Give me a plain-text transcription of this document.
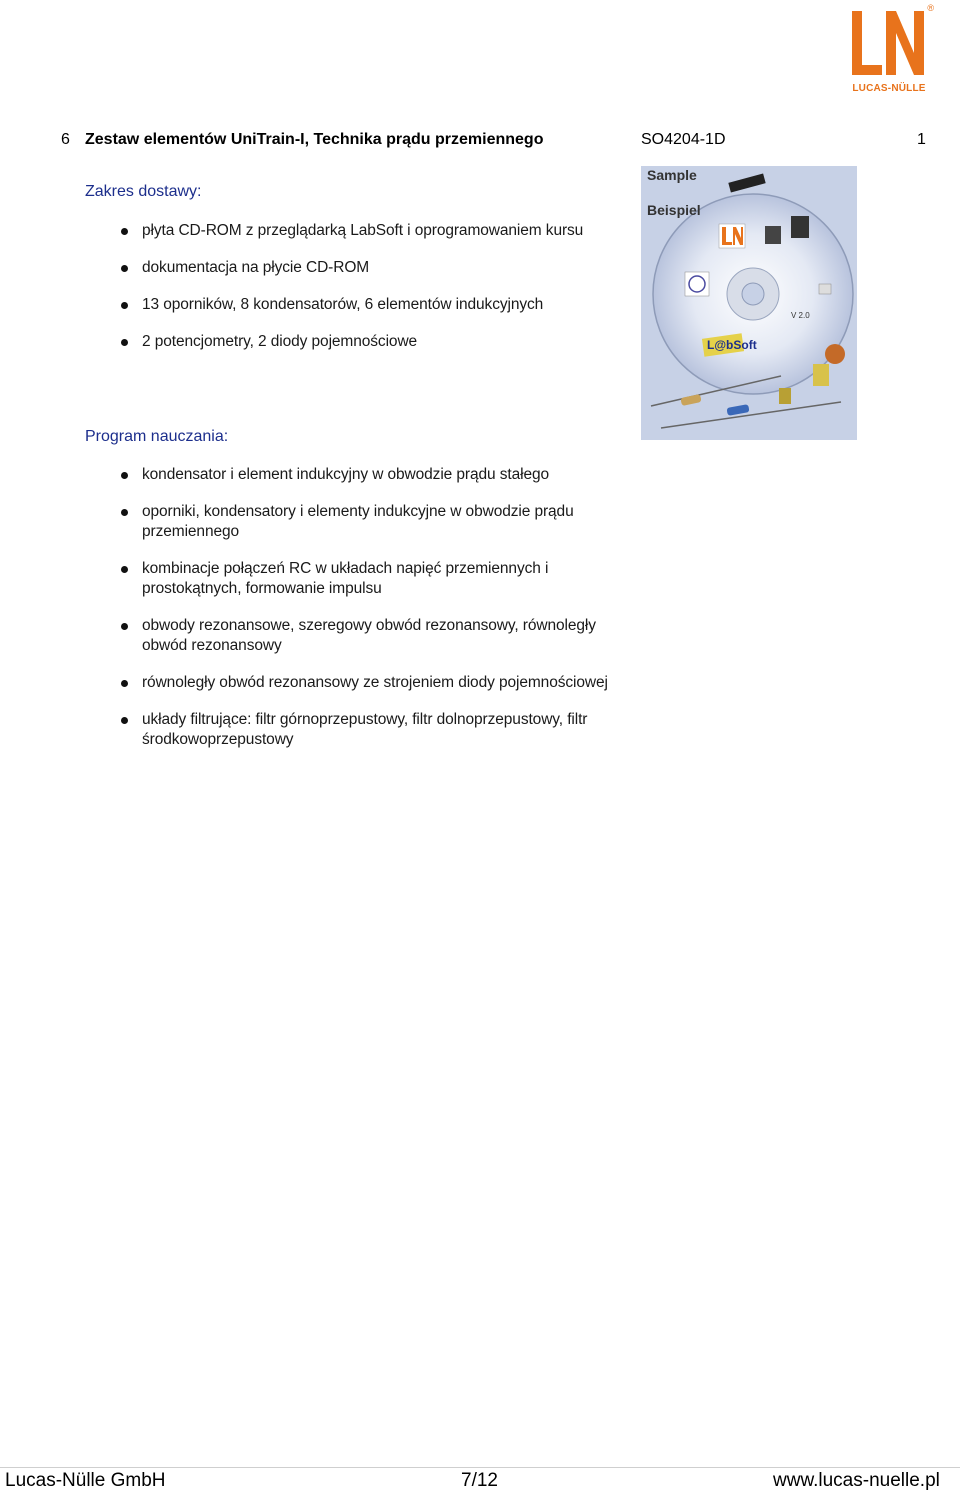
®
LUCAS-NÜLLE
6 Zestaw elementów UniTrain-I, Technika prądu przemiennego	SO4204-1D	1
Zakres dostawy:
płyta CD-ROM z przeglądarką LabSoft i oprogramowaniem kursu
dokumentacja na płycie CD-ROM
13 oporników, 8 kondensatorów, 6 elementów indukcyjnych
2 potencjometry, 2 diody pojemnościowe
Program nauczania:
kondensator i element indukcyjny w obwodzie prądu stałego
oporniki, kondensatory i elementy indukcyjne w obwodzie prądu przemiennego
kombinacje połączeń RC w układach napięć przemiennych i prostokątnych, formowanie impulsu
obwody rezonansowe, szeregowy obwód rezonansowy, równoległy obwód rezonansowy
równoległy obwód rezonansowy ze strojeniem diody pojemnościowej
układy filtrujące: filtr górnoprzepustowy, filtr dolnoprzepustowy, filtr środkowoprzepustowy
L@bSoft
V 2.0
Sample
Beispiel
Lucas-Nülle GmbH	7/12	www.lucas-nuelle.pl
